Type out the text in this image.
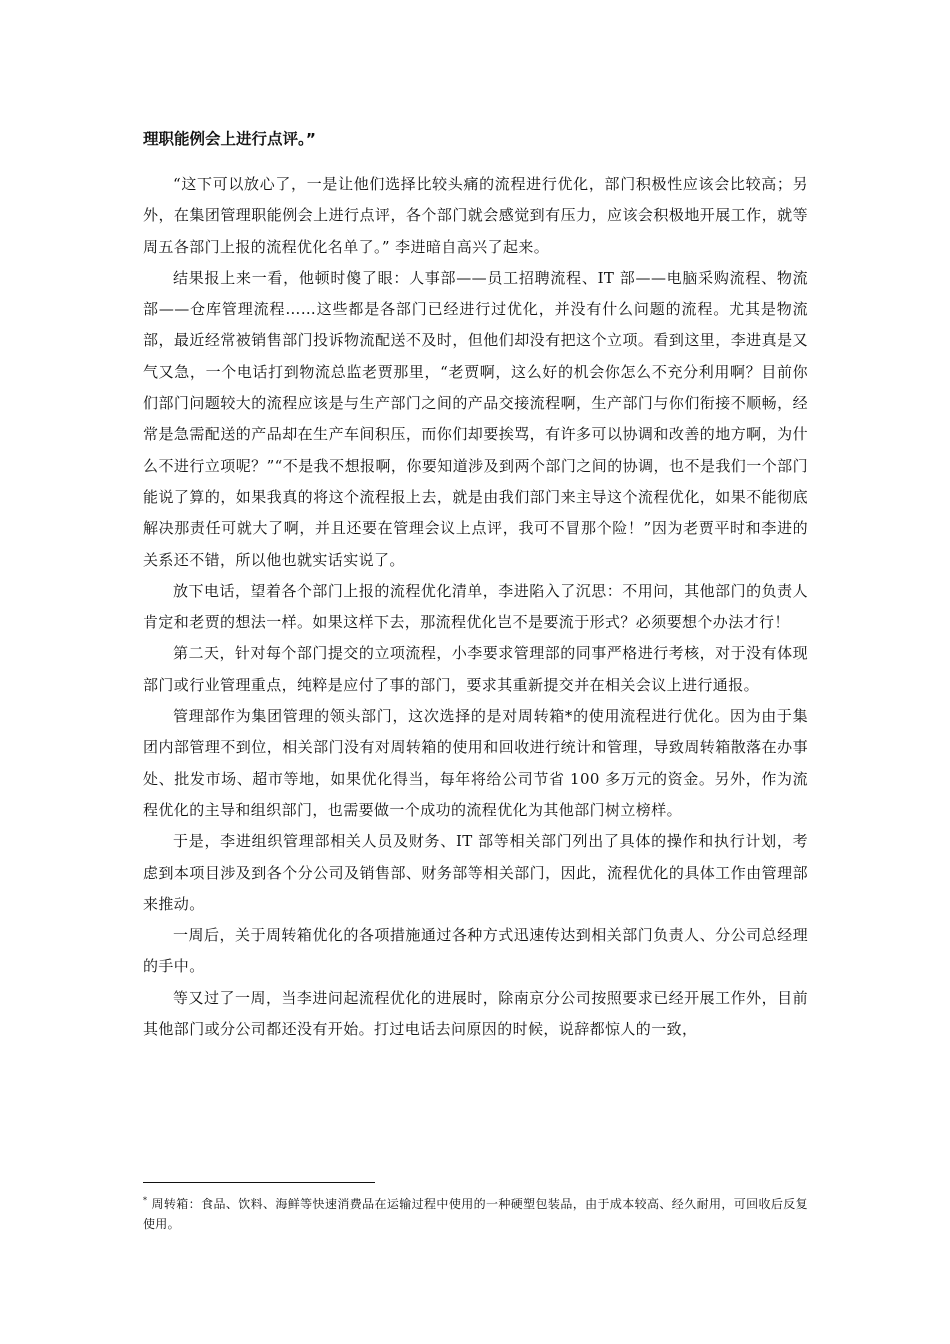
理职能例会上进行点评。”

“这下可以放心了，一是让他们选择比较头痛的流程进行优化，部门积极性应该会比较高；另外，在集团管理职能例会上进行点评，各个部门就会感觉到有压力，应该会积极地开展工作，就等周五各部门上报的流程优化名单了。” 李进暗自高兴了起来。

结果报上来一看，他顿时傻了眼：人事部——员工招聘流程、IT 部——电脑采购流程、物流部——仓库管理流程……这些都是各部门已经进行过优化，并没有什么问题的流程。尤其是物流部，最近经常被销售部门投诉物流配送不及时，但他们却没有把这个立项。看到这里，李进真是又气又急，一个电话打到物流总监老贾那里，“老贾啊，这么好的机会你怎么不充分利用啊？目前你们部门问题较大的流程应该是与生产部门之间的产品交接流程啊，生产部门与你们衔接不顺畅，经常是急需配送的产品却在生产车间积压，而你们却要挨骂，有许多可以协调和改善的地方啊，为什么不进行立项呢？”“不是我不想报啊，你要知道涉及到两个部门之间的协调，也不是我们一个部门能说了算的，如果我真的将这个流程报上去，就是由我们部门来主导这个流程优化，如果不能彻底解决那责任可就大了啊，并且还要在管理会议上点评，我可不冒那个险！”因为老贾平时和李进的关系还不错，所以他也就实话实说了。

放下电话，望着各个部门上报的流程优化清单，李进陷入了沉思：不用问，其他部门的负责人肯定和老贾的想法一样。如果这样下去，那流程优化岂不是要流于形式？必须要想个办法才行！

第二天，针对每个部门提交的立项流程，小李要求管理部的同事严格进行考核，对于没有体现部门或行业管理重点，纯粹是应付了事的部门，要求其重新提交并在相关会议上进行通报。

管理部作为集团管理的领头部门，这次选择的是对周转箱*的使用流程进行优化。因为由于集团内部管理不到位，相关部门没有对周转箱的使用和回收进行统计和管理，导致周转箱散落在办事处、批发市场、超市等地，如果优化得当，每年将给公司节省 100 多万元的资金。另外，作为流程优化的主导和组织部门，也需要做一个成功的流程优化为其他部门树立榜样。

于是，李进组织管理部相关人员及财务、IT 部等相关部门列出了具体的操作和执行计划，考虑到本项目涉及到各个分公司及销售部、财务部等相关部门，因此，流程优化的具体工作由管理部来推动。

一周后，关于周转箱优化的各项措施通过各种方式迅速传达到相关部门负责人、分公司总经理的手中。

等又过了一周，当李进问起流程优化的进展时，除南京分公司按照要求已经开展工作外，目前其他部门或分公司都还没有开始。打过电话去问原因的时候，说辞都惊人的一致，

* 周转箱：食品、饮料、海鲜等快速消费品在运输过程中使用的一种硬塑包装品，由于成本较高、经久耐用，可回收后反复使用。
